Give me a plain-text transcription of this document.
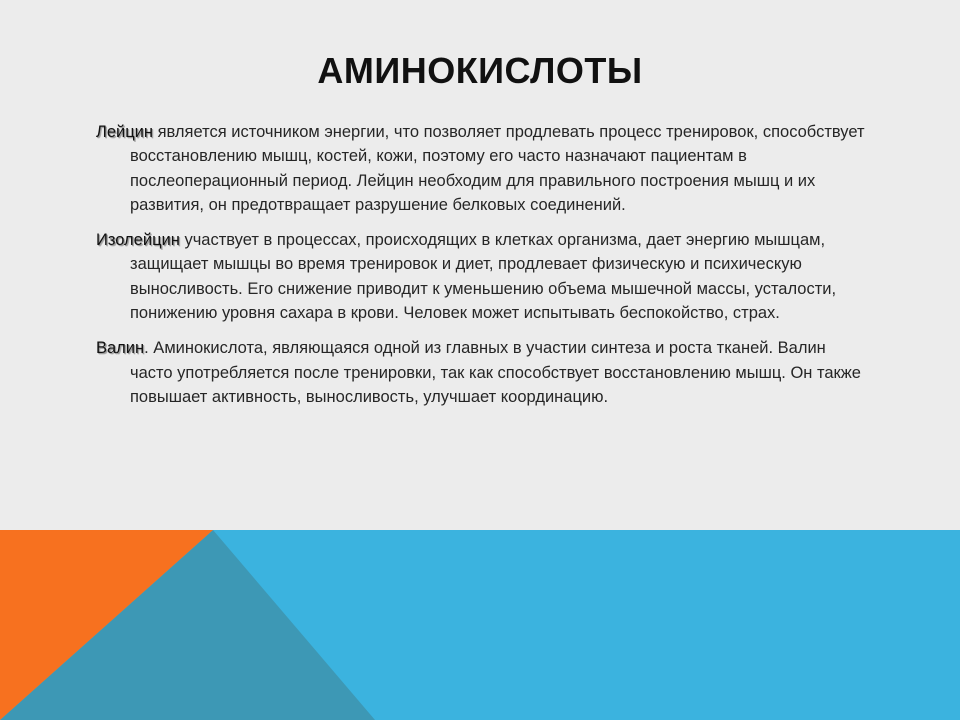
АМИНОКИСЛОТЫ

Лейцин является источником энергии, что позволяет продлевать процесс тренировок, способствует восстановлению мышц, костей, кожи, поэтому его часто назначают пациентам в послеоперационный период. Лейцин необходим для правильного построения мышц и их развития, он предотвращает разрушение белковых соединений.

Изолейцин участвует в процессах, происходящих в клетках организма, дает энергию мышцам, защищает мышцы во время тренировок и диет, продлевает физическую и психическую выносливость. Его снижение приводит к уменьшению объема мышечной массы, усталости, понижению уровня сахара в крови. Человек может испытывать беспокойство, страх.

Валин. Аминокислота, являющаяся одной из главных в участии синтеза и роста тканей. Валин часто употребляется после тренировки, так как способствует восстановлению мышц. Он также повышает активность, выносливость, улучшает координацию.
